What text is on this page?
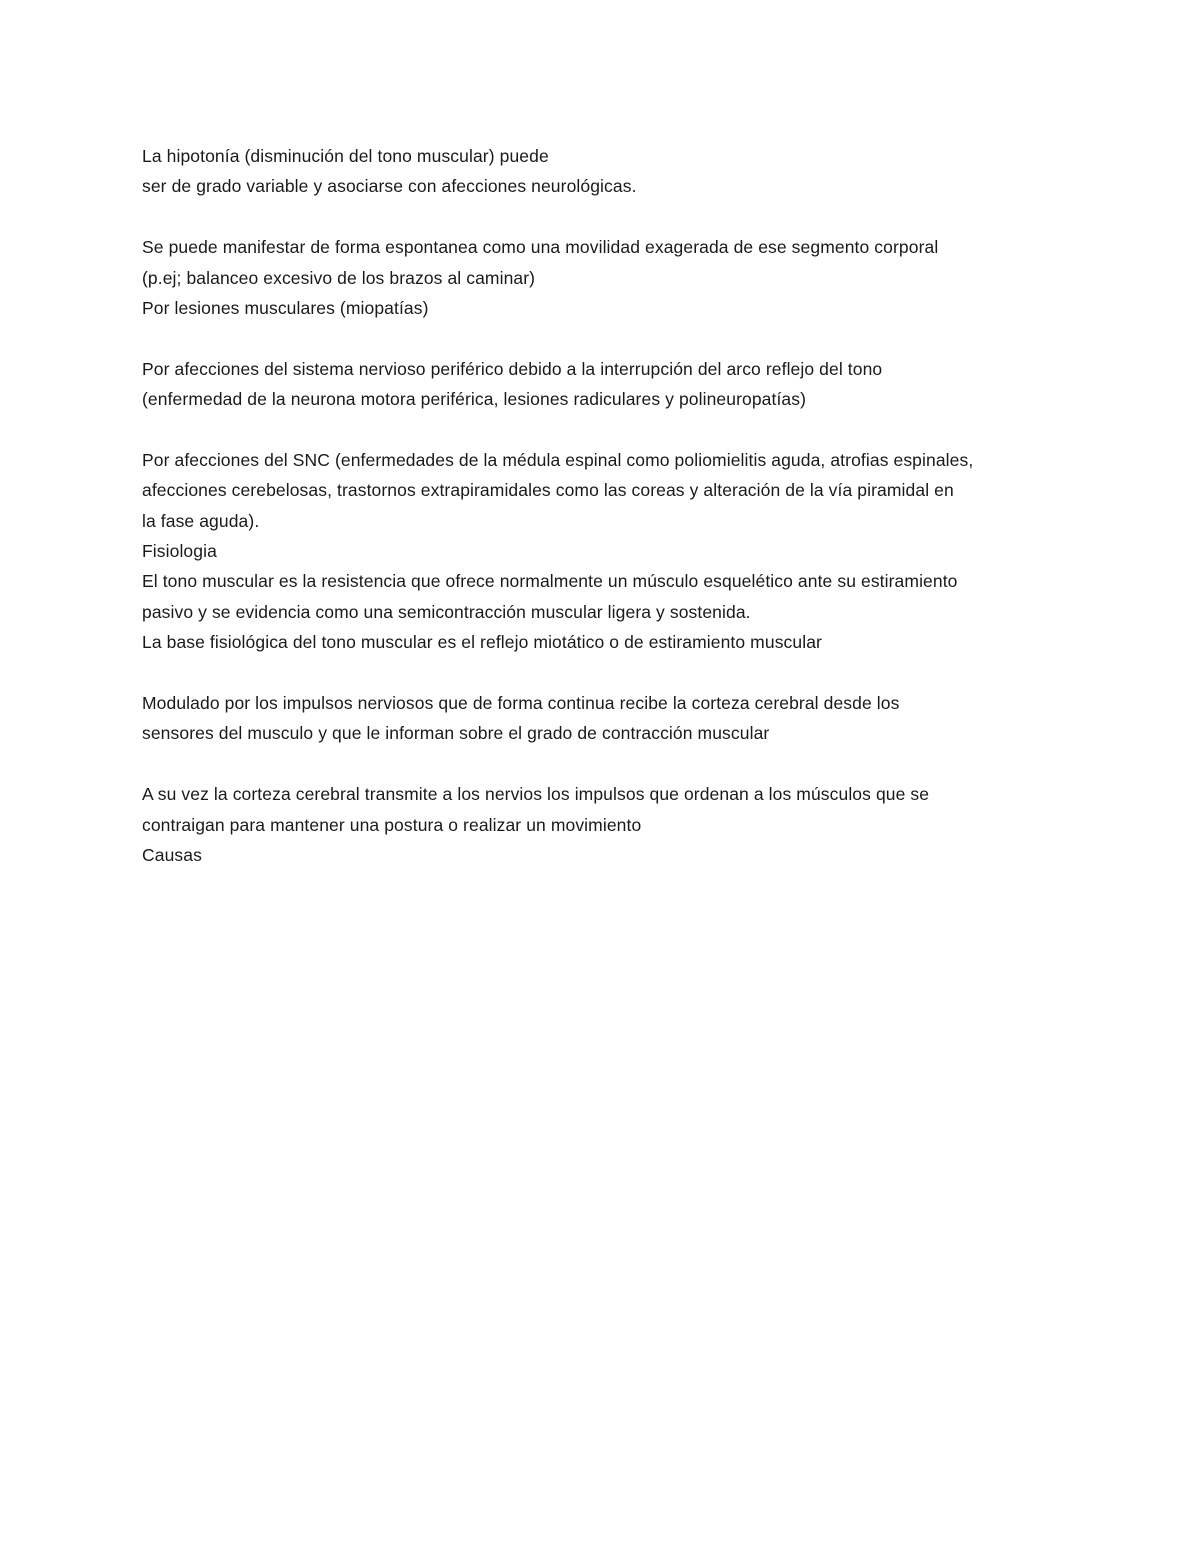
La hipotonía (disminución del tono muscular) puede
ser de grado variable y asociarse con afecciones neurológicas.
Se puede manifestar de forma espontanea como una movilidad exagerada de ese segmento corporal
(p.ej; balanceo excesivo de los brazos al caminar)
Por lesiones musculares (miopatías)
Por afecciones del sistema nervioso periférico debido a la interrupción del arco reflejo del tono
(enfermedad de la neurona motora periférica, lesiones radiculares y polineuropatías)
Por afecciones del SNC (enfermedades de la médula espinal como poliomielitis aguda, atrofias espinales,
afecciones cerebelosas, trastornos extrapiramidales como las coreas y alteración de la vía piramidal en
la fase aguda).
Fisiologia
El tono muscular es la resistencia que ofrece normalmente un músculo esquelético ante su estiramiento
pasivo y se evidencia como una semicontracción muscular ligera y sostenida.
La base fisiológica del tono muscular es el reflejo miotático o de estiramiento muscular
Modulado por los impulsos nerviosos que de forma continua recibe la corteza cerebral desde los
sensores del musculo y que le informan sobre el grado de contracción muscular
A su vez la corteza cerebral transmite a los nervios los impulsos que ordenan a los músculos que se
contraigan para mantener una postura o realizar un movimiento
Causas
